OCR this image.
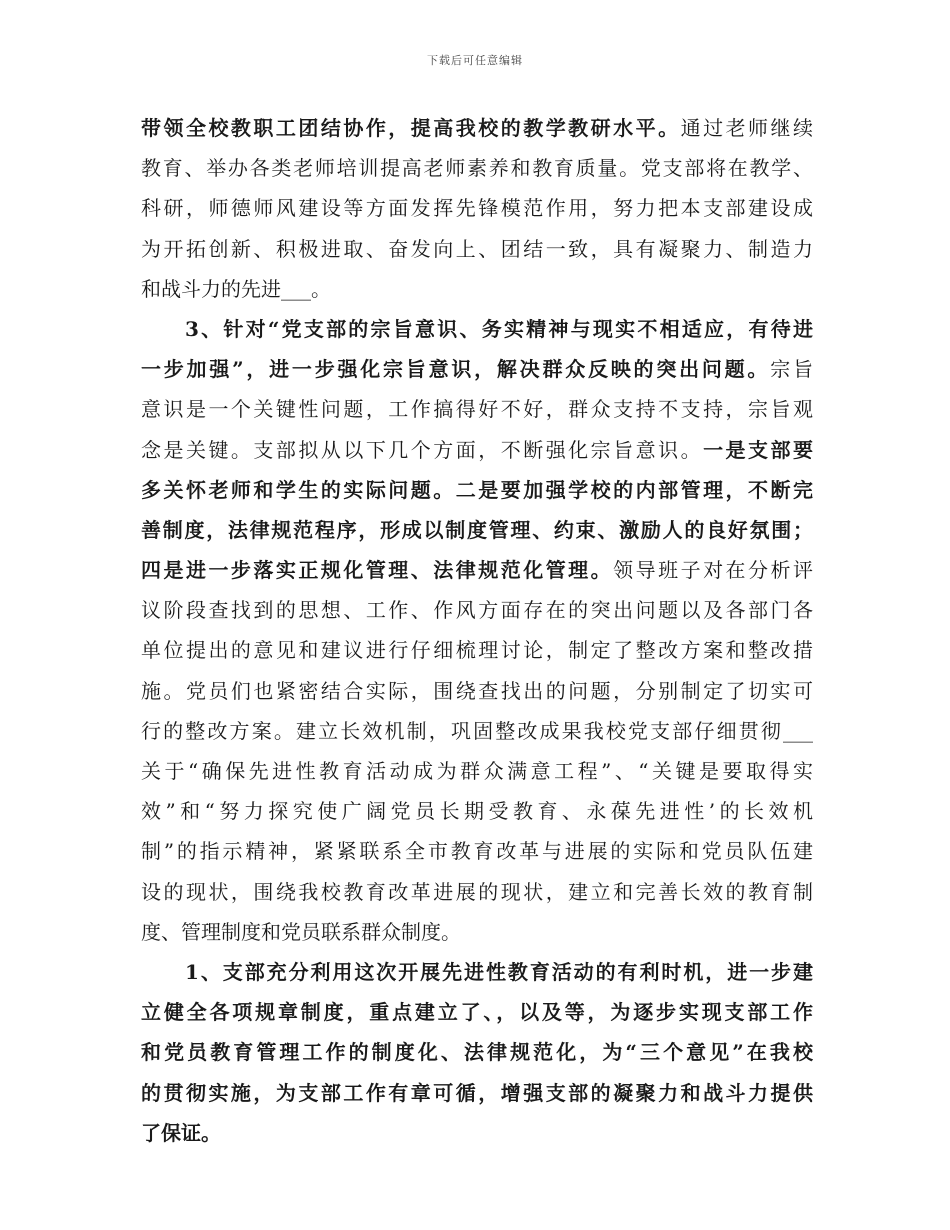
下载后可任意编辑
带领全校教职工团结协作，提高我校的教学教研水平。通过老师继续
教育、举办各类老师培训提高老师素养和教育质量。党支部将在教学、
科研，师德师风建设等方面发挥先锋模范作用，努力把本支部建设成
为开拓创新、积极进取、奋发向上、团结一致，具有凝聚力、制造力
和战斗力的先进___。
3、针对“党支部的宗旨意识、务实精神与现实不相适应，有待进
一步加强”，进一步强化宗旨意识，解决群众反映的突出问题。宗旨
意识是一个关键性问题，工作搞得好不好，群众支持不支持，宗旨观
念是关键。支部拟从以下几个方面，不断强化宗旨意识。一是支部要
多关怀老师和学生的实际问题。二是要加强学校的内部管理，不断完
善制度，法律规范程序，形成以制度管理、约束、激励人的良好氛围；
四是进一步落实正规化管理、法律规范化管理。领导班子对在分析评
议阶段查找到的思想、工作、作风方面存在的突出问题以及各部门各
单位提出的意见和建议进行仔细梳理讨论，制定了整改方案和整改措
施。党员们也紧密结合实际，围绕查找出的问题，分别制定了切实可
行的整改方案。建立长效机制，巩固整改成果我校党支部仔细贯彻___
关于“确保先进性教育活动成为群众满意工程”、“关键是要取得实
效”和“努力探究使广阔党员长期受教育、永葆先进性’的长效机
制”的指示精神，紧紧联系全市教育改革与进展的实际和党员队伍建
设的现状，围绕我校教育改革进展的现状，建立和完善长效的教育制
度、管理制度和党员联系群众制度。
1、支部充分利用这次开展先进性教育活动的有利时机，进一步建
立健全各项规章制度，重点建立了、，以及等，为逐步实现支部工作
和党员教育管理工作的制度化、法律规范化，为“三个意见”在我校
的贯彻实施，为支部工作有章可循，增强支部的凝聚力和战斗力提供
了保证。
